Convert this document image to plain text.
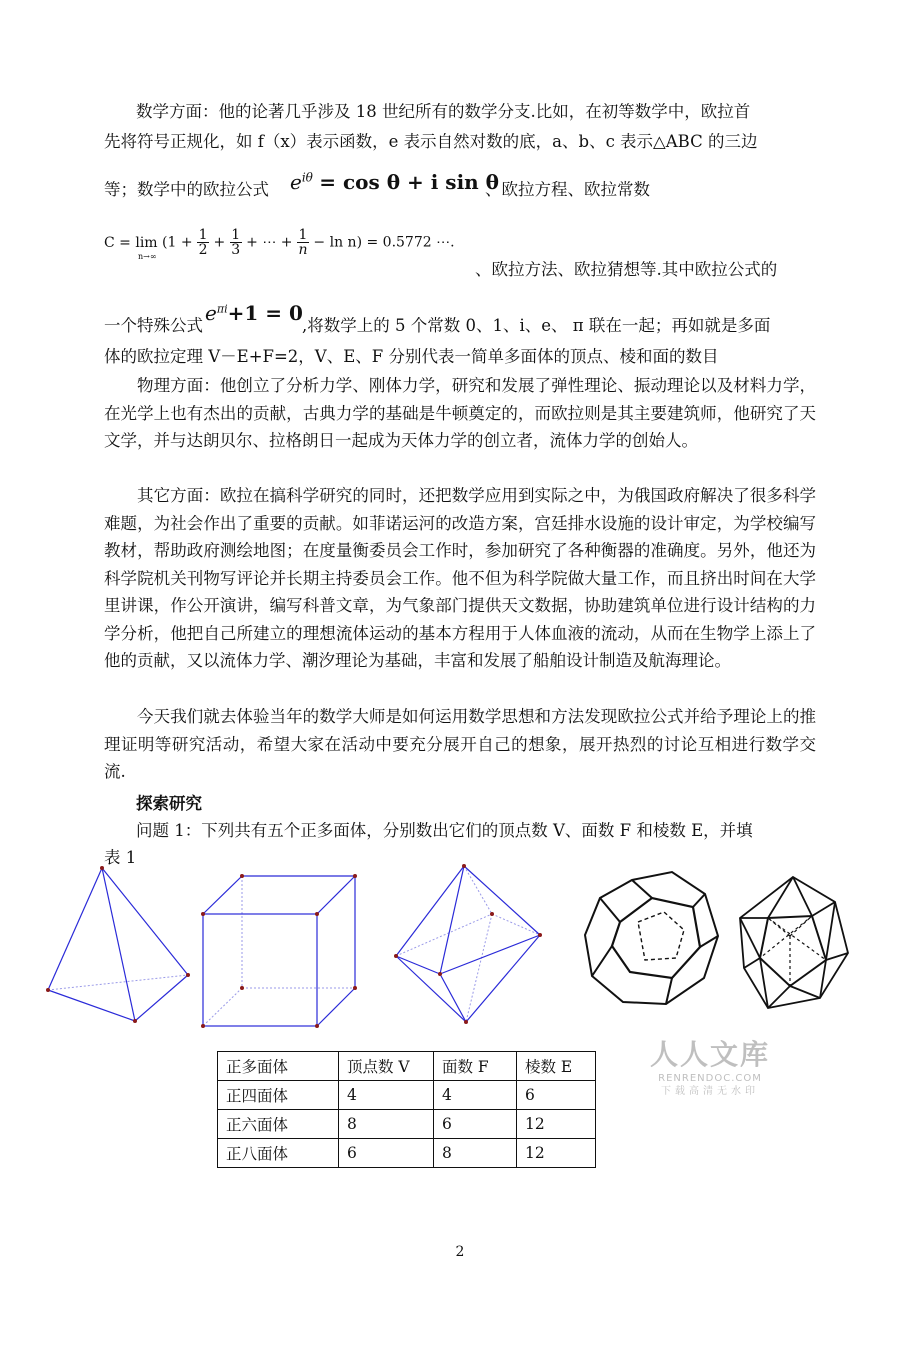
数学方面：他的论著几乎涉及 18 世纪所有的数学分支.比如，在初等数学中，欧拉首

先将符号正规化，如 f（x）表示函数，e 表示自然对数的底，a、b、c 表示△ABC 的三边

等；数学中的欧拉公式 $e^{i\theta} = \cos \theta + i$ sin θ

、欧拉方程、欧拉常数

C = lim
n→∞
($1 + \frac{1}{2} + \frac{1}{3}$ + ⋯ + $\frac{1}{n} - \ln n) = 0.5772$ ⋯.

、欧拉方法、欧拉猜想等.其中欧拉公式的

一个特殊公式

$e^{\pi i}+1 = 0$

,将数学上的 5 个常数 0、1、i、e、 π 联在一起；再如就是多面

体的欧拉定理 V－E+F=2，V、E、F 分别代表一简单多面体的顶点、棱和面的数目

物理方面：他创立了分析力学、刚体力学，研究和发展了弹性理论、振动理论以及材料力学，在光学上也有杰出的贡献，古典力学的基础是牛顿奠定的，而欧拉则是其主要建筑师，他研究了天文学，并与达朗贝尔、拉格朗日一起成为天体力学的创立者，流体力学的创始人。

其它方面：欧拉在搞科学研究的同时，还把数学应用到实际之中，为俄国政府解决了很多科学难题，为社会作出了重要的贡献。如菲诺运河的改造方案，宫廷排水设施的设计审定，为学校编写教材，帮助政府测绘地图；在度量衡委员会工作时，参加研究了各种衡器的准确度。另外，他还为科学院机关刊物写评论并长期主持委员会工作。他不但为科学院做大量工作，而且挤出时间在大学里讲课，作公开演讲，编写科普文章，为气象部门提供天文数据，协助建筑单位进行设计结构的力学分析，他把自己所建立的理想流体运动的基本方程用于人体血液的流动，从而在生物学上添上了他的贡献，又以流体力学、潮汐理论为基础，丰富和发展了船舶设计制造及航海理论。

今天我们就去体验当年的数学大师是如何运用数学思想和方法发现欧拉公式并给予理论上的推理证明等研究活动，希望大家在活动中要充分展开自己的想象，展开热烈的讨论互相进行数学交流.

探索研究

问题 1：下列共有五个正多面体，分别数出它们的顶点数 V、面数 F 和棱数 E，并填

表 1

正多面体	顶点数 V	面数 F	棱数 E
正四面体	4	4	6
正六面体	8	6	12
正八面体	6	8	12
人人文库
RENRENDOC.COM
下载高清无水印
2
